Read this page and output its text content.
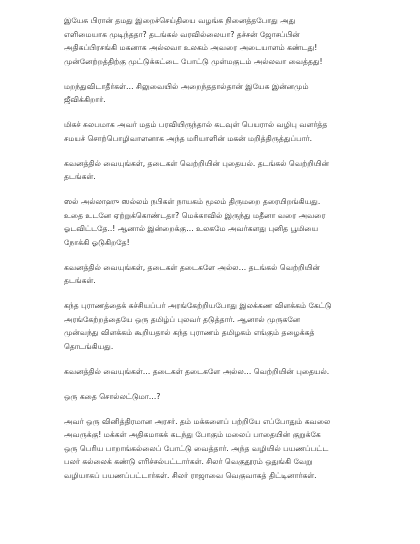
இயேசு பிரான் தமது இறைச்செய்தியை வழங்க நினைத்தபோது அது
எளிமையாக முடிந்ததா? தடங்கல் வரவில்லையா? தச்சன் ஜோசப்பின்
அதிகப்பிரசங்கி மகனாக அல்லவா உலகம் அவரை அடையாளம் கண்டது!
முன்னேற்றத்திற்கு முட்டுக்கட்டை போட்டு முள்மகுடம் அல்லவா வைத்தது!

மறந்துவிடாதீர்கள்… சிலுவையில் அறைந்ததால்தான் இயேசு இன்னமும்
ஜீவிக்கிறார்.

மிகச் சுலபமாக அவர் மதம் பரவியிருந்தால் கடவுள் பெயரால் வழிபு வளர்த்த
சமயச் சொற்பொழிவாளனாக அந்த மரியாளின் மகன் மறித்திருத்துப்பார்.

கவனத்தில் வையுங்கள், தடைகள் வெற்றியின் புதையல். தடங்கல் வெற்றியின்
தடங்கள்.

ஸல் அல்லாஹு ஸல்லம் நபிகள் நாயகம் மூலம் திருமறை தரையிறங்கியது.
உதை உடனே ஏற்றுக்கொண்டதா? மெக்காவில் இருந்து மதீனா வரை அவரை
ஓடவிட்டதே..! ஆனால் இன்றைக்கு… உலகமே அவர்களது புனித பூமியை
நோக்கி ஓடுகிறதே!

கவனத்தில் வையுங்கள், தடைகள் தடைகளே அல்ல… தடங்கல் வெற்றியின்
தடங்கள்.

கந்த புராணத்தைக் கச்சியப்பர் அரங்கேற்றியபோது இலக்கண விளக்கம் கேட்டு
அரங்கேற்றத்தையே ஒரு தமிழ்ப் புலவர் தடுத்தார். ஆனால் முருகனே
முன்வந்து விளக்கம் கூறியதால் கந்த புராணம் தமிழகம் எங்கும் தழைக்கத்
தொடங்கியது.

கவனத்தில் வையுங்கள்… தடைகள் தடைகளே அல்ல… வெற்றியின் புதையல்.

ஒரு கதை சொல்லட்டுமா…?

அவர் ஒரு வினித்திரமான அரசர். தம் மக்களைப் பற்றியே எப்போதும் கவலை
அவருக்கு! மக்கள் அதிகமாகக் கடந்து போகும் மலைப் பாதையின் குறுக்கே
ஒரு பெரிய பாறாங்கல்லைப் போட்டு வைத்தார். அந்த வழியில் பயணப்பட்ட
பலர் கல்லைக் கண்டு எரிச்சல்பட்டார்கள். சிலர் வெகுதூரம் ஒதுங்கி வேறு
வழியாகப் பயணப்பட்டார்கள். சிலர் ராஜாவை வெகுவாகத் திட்டினார்கள்.
